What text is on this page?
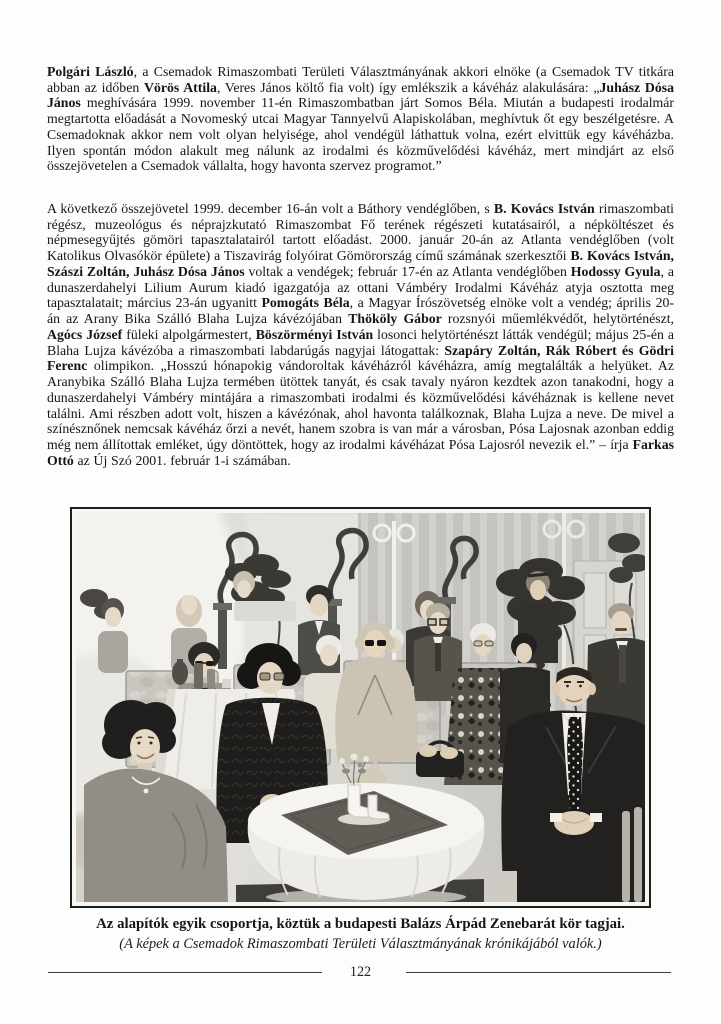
Polgári László, a Csemadok Rimaszombati Területi Választmányának akkori elnöke (a Csemadok TV titkára abban az időben Vörös Attila, Veres János költő fia volt) így emlékszik a kávéház alakulására: „Juhász Dósa János meghívására 1999. november 11-én Rimaszombatban járt Somos Béla. Miután a budapesti irodalmár megtartotta előadását a Novomeský utcai Magyar Tannyelvű Alapiskolában, meghívtuk őt egy beszélgetésre. A Csemadoknak akkor nem volt olyan helyisége, ahol vendégül láthattuk volna, ezért elvittük egy kávéházba. Ilyen spontán módon alakult meg nálunk az irodalmi és közművelődési kávéház, mert mindjárt az első összejövetelen a Csemadok vállalta, hogy havonta szervez programot.”

A következő összejövetel 1999. december 16-án volt a Báthory vendéglőben, s B. Kovács István rimaszombati régész, muzeológus és néprajzkutató Rimaszombat Fő terének régészeti kutatásairól, a népköltészet és népmesegyűjtés gömöri tapasztalatairól tartott előadást. 2000. január 20-án az Atlanta vendéglőben (volt Katolikus Olvasókör épülete) a Tiszavirág folyóirat Gömörország című számának szerkesztői B. Kovács István, Szászi Zoltán, Juhász Dósa János voltak a vendégek; február 17-én az Atlanta vendéglőben Hodossy Gyula, a dunaszerdahelyi Lilium Aurum kiadó igazgatója az ottani Vámbéry Irodalmi Kávéház atyja osztotta meg tapasztalatait; március 23-án ugyanitt Pomogáts Béla, a Magyar Írószövetség elnöke volt a vendég; április 20-án az Arany Bika Szálló Blaha Lujza kávézójában Thököly Gábor rozsnyói műemlékvédőt, helytörténészt, Agócs József füleki alpolgármestert, Böszörményi István losonci helytörténészt látták vendégül; május 25-én a Blaha Lujza kávézóba a rimaszombati labdarúgás nagyjai látogattak: Szapáry Zoltán, Rák Róbert és Gödri Ferenc olimpikon. „Hosszú hónapokig vándoroltak kávéházról kávéházra, amíg megtalálták a helyüket. Az Aranybika Szálló Blaha Lujza termében ütöttek tanyát, és csak tavaly nyáron kezdtek azon tanakodni, hogy a dunaszerdahelyi Vámbéry mintájára a rimaszombati irodalmi és közművelődési kávéháznak is kellene nevet találni. Ami részben adott volt, hiszen a kávézónak, ahol havonta találkoznak, Blaha Lujza a neve. De mivel a színésznőnek nemcsak kávéház őrzi a nevét, hanem szobra is van már a városban, Pósa Lajosnak azonban eddig még nem állítottak emléket, úgy döntöttek, hogy az irodalmi kávéházat Pósa Lajosról nevezik el.” – írja Farkas Ottó az Új Szó 2001. február 1-i számában.

Az alapítók egyik csoportja, köztük a budapesti Balázs Árpád Zenebarát kör tagjai.
(A képek a Csemadok Rimaszombati Területi Választmányának krónikájából valók.)
122
